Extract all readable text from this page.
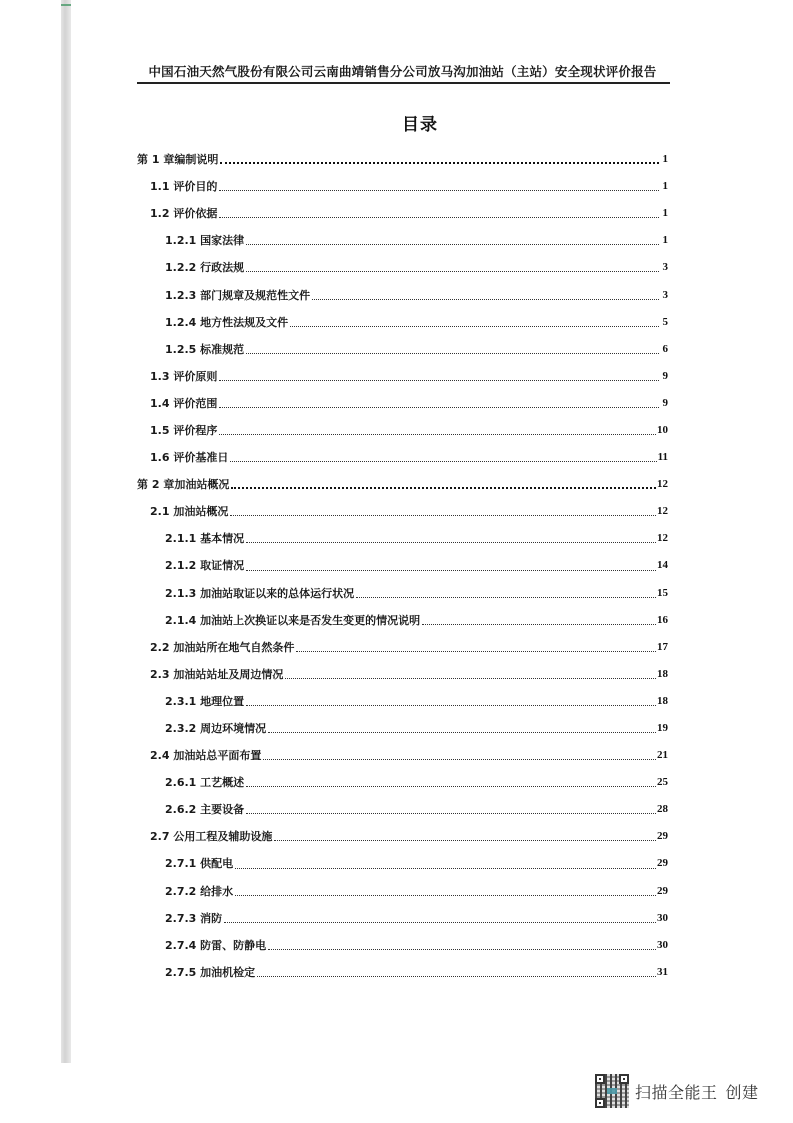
中国石油天然气股份有限公司云南曲靖销售分公司放马沟加油站（主站）安全现状评价报告
目录
第 1 章编制说明	1
1.1 评价目的	1
1.2 评价依据	1
1.2.1 国家法律	1
1.2.2 行政法规	3
1.2.3 部门规章及规范性文件	3
1.2.4 地方性法规及文件	5
1.2.5 标准规范	6
1.3 评价原则	9
1.4 评价范围	9
1.5 评价程序	10
1.6 评价基准日	11
第 2 章加油站概况	12
2.1 加油站概况	12
2.1.1 基本情况	12
2.1.2 取证情况	14
2.1.3 加油站取证以来的总体运行状况	15
2.1.4 加油站上次换证以来是否发生变更的情况说明	16
2.2 加油站所在地气自然条件	17
2.3 加油站站址及周边情况	18
2.3.1 地理位置	18
2.3.2 周边环境情况	19
2.4 加油站总平面布置	21
2.6.1 工艺概述	25
2.6.2 主要设备	28
2.7 公用工程及辅助设施	29
2.7.1 供配电	29
2.7.2 给排水	29
2.7.3 消防	30
2.7.4 防雷、防静电	30
2.7.5 加油机检定	31
扫描全能王 创建
